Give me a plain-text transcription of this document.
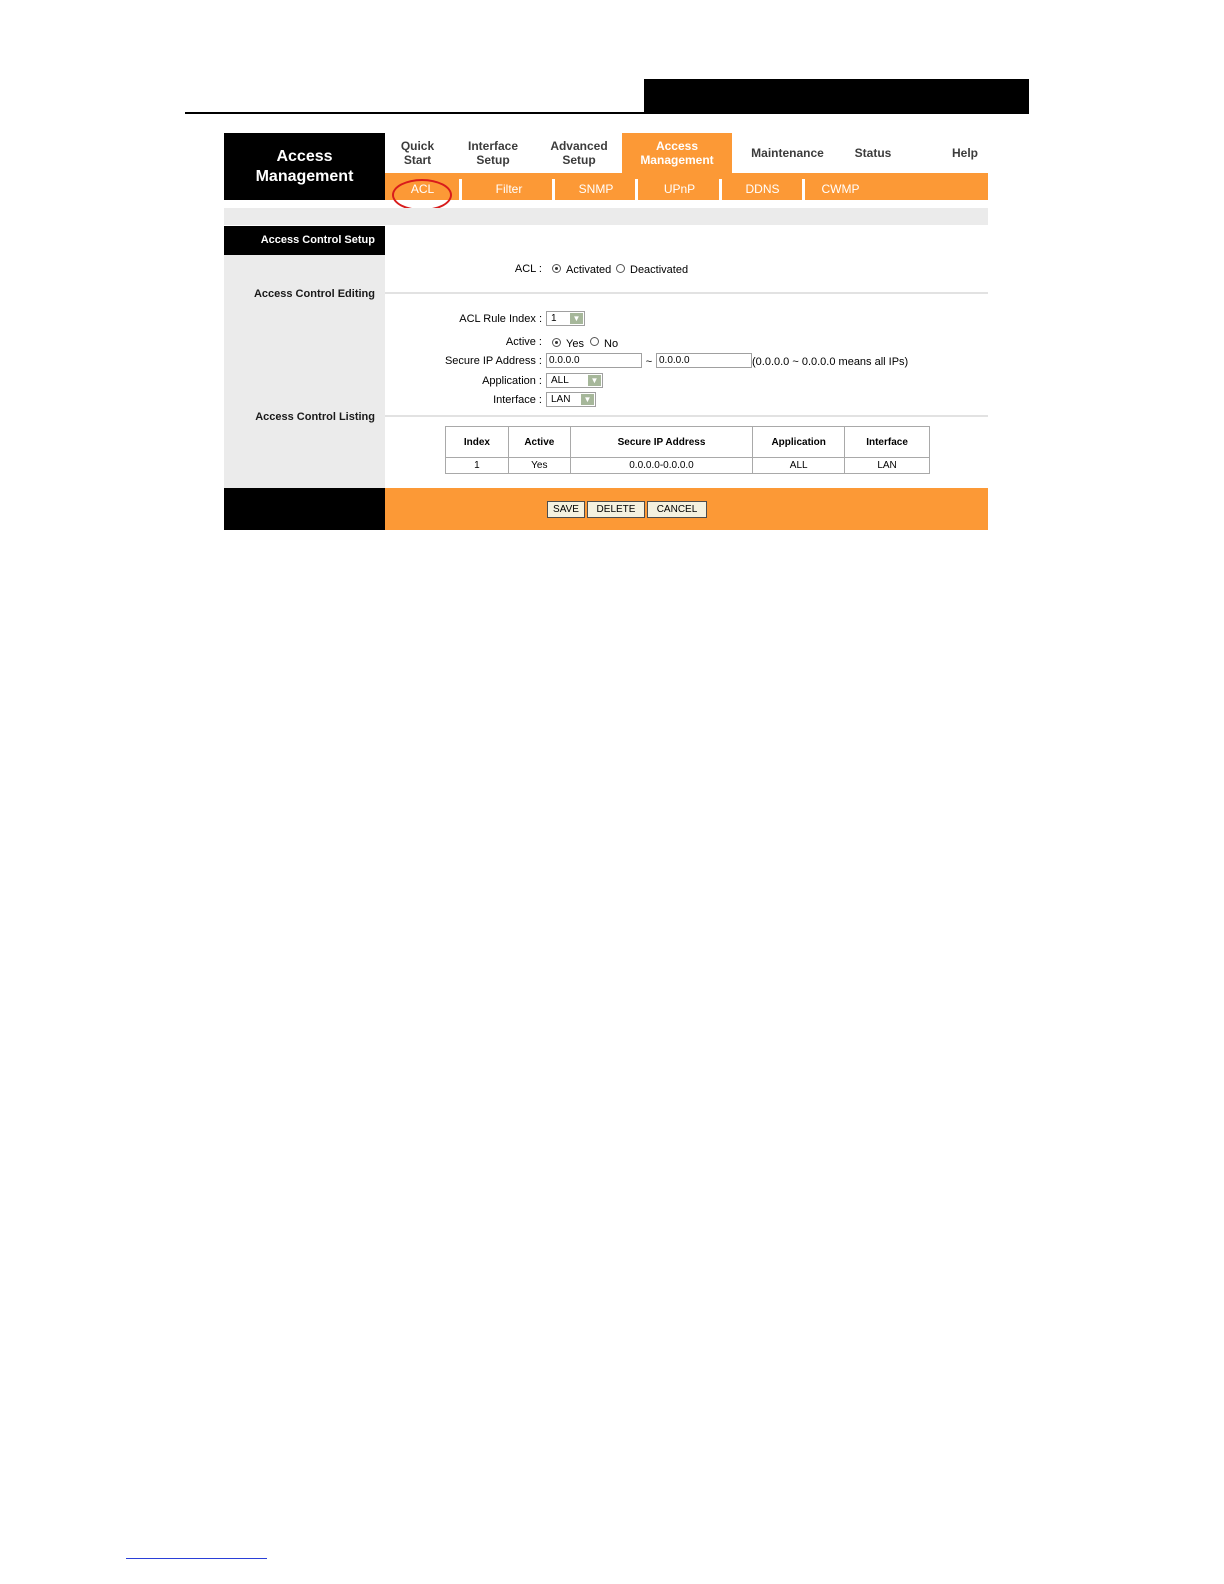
Access
Management
Quick
Start
Interface
Setup
Advanced
Setup
Access
Management	Maintenance	Status	Help
ACL	Filter	SNMP	UPnP	DDNS	CWMP
Access Control Setup
Access Control Editing
Access Control Listing
ACL : Activated Deactivated
ACL Rule Index : 1	▼
Active : Yes No
Secure IP Address : 0.0.0.0	~ 0.0.0.0	(0.0.0.0 ~ 0.0.0.0 means all IPs)
Application : ALL	▼
Interface : LAN	▼
Index	Active	Secure IP Address	Application	Interface
1	Yes	0.0.0.0-0.0.0.0	ALL	LAN
SAVE	DELETE	CANCEL
